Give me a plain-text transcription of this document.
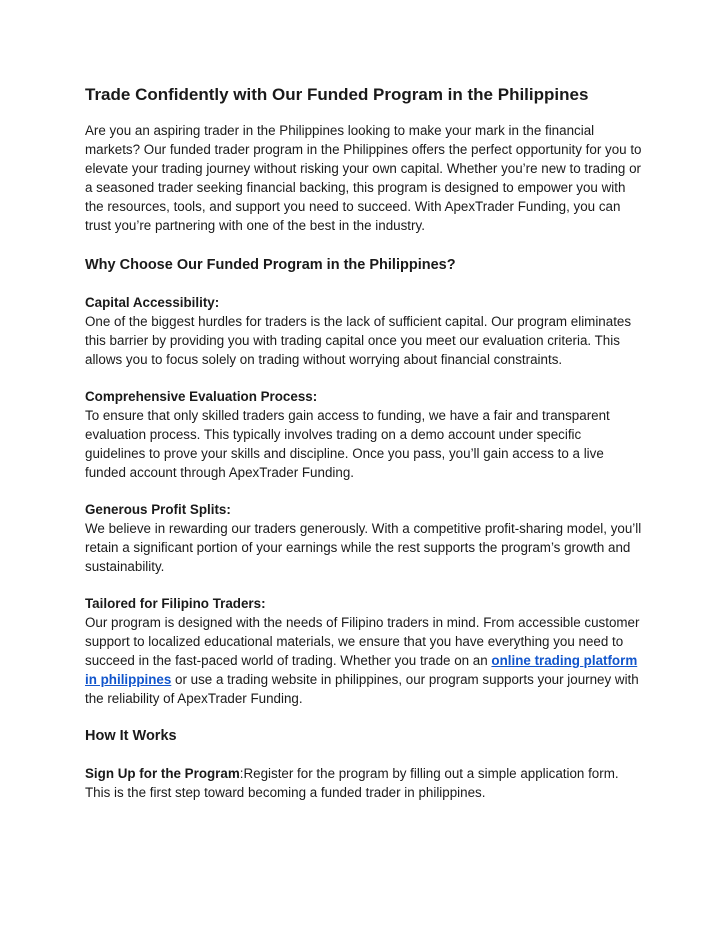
Trade Confidently with Our Funded Program in the Philippines

Are you an aspiring trader in the Philippines looking to make your mark in the financial markets? Our funded trader program in the Philippines offers the perfect opportunity for you to elevate your trading journey without risking your own capital. Whether you’re new to trading or a seasoned trader seeking financial backing, this program is designed to empower you with the resources, tools, and support you need to succeed. With ApexTrader Funding, you can trust you’re partnering with one of the best in the industry.

Why Choose Our Funded Program in the Philippines?

Capital Accessibility:
One of the biggest hurdles for traders is the lack of sufficient capital. Our program eliminates this barrier by providing you with trading capital once you meet our evaluation criteria. This allows you to focus solely on trading without worrying about financial constraints.

Comprehensive Evaluation Process:
To ensure that only skilled traders gain access to funding, we have a fair and transparent evaluation process. This typically involves trading on a demo account under specific guidelines to prove your skills and discipline. Once you pass, you’ll gain access to a live funded account through ApexTrader Funding.

Generous Profit Splits:
We believe in rewarding our traders generously. With a competitive profit-sharing model, you’ll retain a significant portion of your earnings while the rest supports the program’s growth and sustainability.

Tailored for Filipino Traders:
Our program is designed with the needs of Filipino traders in mind. From accessible customer support to localized educational materials, we ensure that you have everything you need to succeed in the fast-paced world of trading. Whether you trade on an online trading platform in philippines or use a trading website in philippines, our program supports your journey with the reliability of ApexTrader Funding.

How It Works

Sign Up for the Program:Register for the program by filling out a simple application form. This is the first step toward becoming a funded trader in philippines.
